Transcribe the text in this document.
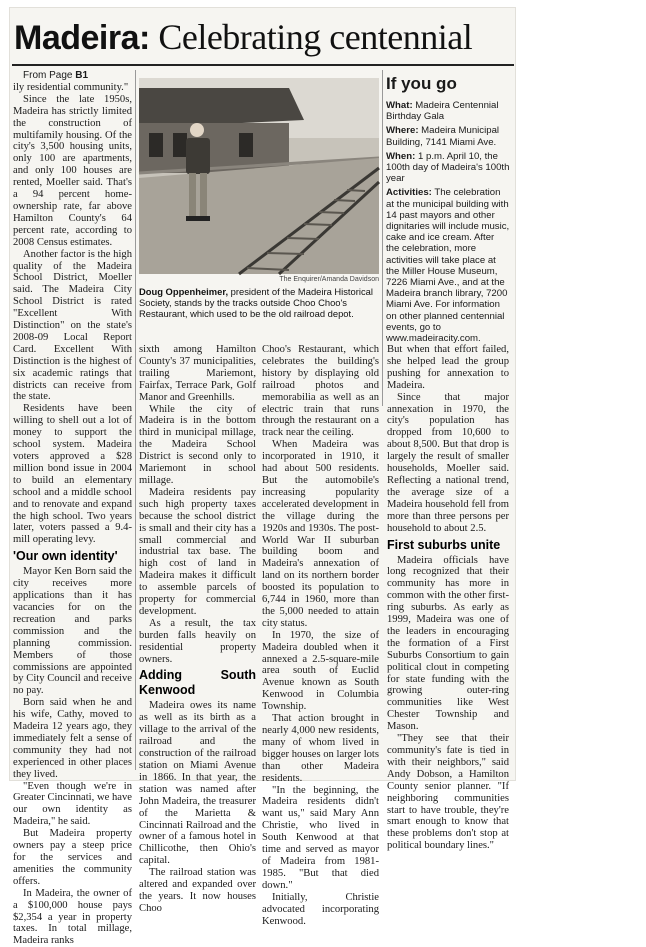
Madeira: Celebrating centennial

From Page B1

ily residential community."

Since the late 1950s, Madeira has strictly limited the construction of multifamily housing. Of the city's 3,500 housing units, only 100 are apartments, and only 100 houses are rented, Moeller said. That's a 94 percent home-ownership rate, far above Hamilton County's 64 percent rate, according to 2008 Census estimates.

Another factor is the high quality of the Madeira School District, Moeller said. The Madeira City School District is rated "Excellent With Distinction" on the state's 2008-09 Local Report Card. Excellent With Distinction is the highest of six academic ratings that districts can receive from the state.

Residents have been willing to shell out a lot of money to support the school system. Madeira voters approved a $28 million bond issue in 2004 to build an elementary school and a middle school and to renovate and expand the high school. Two years later, voters passed a 9.4-mill operating levy.

'Our own identity'

Mayor Ken Born said the city receives more applications than it has vacancies for on the recreation and parks commission and the planning commission. Members of those commissions are appointed by City Council and receive no pay.

Born said when he and his wife, Cathy, moved to Madeira 12 years ago, they immediately felt a sense of community they had not experienced in other places they lived.

"Even though we're in Greater Cincinnati, we have our own identity as Madeira," he said.

But Madeira property owners pay a steep price for the services and amenities the community offers.

In Madeira, the owner of a $100,000 house pays $2,354 a year in property taxes. In total millage, Madeira ranks

The Enquirer/Amanda Davidson
Doug Oppenheimer, president of the Madeira Historical Society, stands by the tracks outside Choo Choo's Restaurant, which used to be the old railroad depot.

sixth among Hamilton County's 37 municipalities, trailing Mariemont, Fairfax, Terrace Park, Golf Manor and Greenhills.

While the city of Madeira is in the bottom third in municipal millage, the Madeira School District is second only to Mariemont in school millage.

Madeira residents pay such high property taxes because the school district is small and their city has a small commercial and industrial tax base. The high cost of land in Madeira makes it difficult to assemble parcels of property for commercial development.

As a result, the tax burden falls heavily on residential property owners.

Adding South Kenwood

Madeira owes its name as well as its birth as a village to the arrival of the railroad and the construction of the railroad station on Miami Avenue in 1866. In that year, the station was named after John Madeira, the treasurer of the Marietta & Cincinnati Railroad and the owner of a famous hotel in Chillicothe, then Ohio's capital.

The railroad station was altered and expanded over the years. It now houses Choo

Choo's Restaurant, which celebrates the building's history by displaying old railroad photos and memorabilia as well as an electric train that runs through the restaurant on a track near the ceiling.

When Madeira was incorporated in 1910, it had about 500 residents. But the automobile's increasing popularity accelerated development in the village during the 1920s and 1930s. The post-World War II suburban building boom and Madeira's annexation of land on its northern border boosted its population to 6,744 in 1960, more than the 5,000 needed to attain city status.

In 1970, the size of Madeira doubled when it annexed a 2.5-square-mile area south of Euclid Avenue known as South Kenwood in Columbia Township.

That action brought in nearly 4,000 new residents, many of whom lived in bigger houses on larger lots than other Madeira residents.

"In the beginning, the Madeira residents didn't want us," said Mary Ann Christie, who lived in South Kenwood at that time and served as mayor of Madeira from 1981-1985. "But that died down."

Initially, Christie advocated incorporating Kenwood.

If you go

What: Madeira Centennial Birthday Gala

Where: Madeira Municipal Building, 7141 Miami Ave.

When: 1 p.m. April 10, the 100th day of Madeira's 100th year

Activities: The celebration at the municipal building with 14 past mayors and other dignitaries will include music, cake and ice cream. After the celebration, more activities will take place at the Miller House Museum, 7226 Miami Ave., and at the Madeira branch library, 7200 Miami Ave. For information on other planned centennial events, go to www.madeiracity.com.

But when that effort failed, she helped lead the group pushing for annexation to Madeira.

Since that major annexation in 1970, the city's population has dropped from 10,600 to about 8,500. But that drop is largely the result of smaller households, Moeller said. Reflecting a national trend, the average size of a Madeira household fell from more than three persons per household to about 2.5.

First suburbs unite

Madeira officials have long recognized that their community has more in common with the other first-ring suburbs. As early as 1999, Madeira was one of the leaders in encouraging the formation of a First Suburbs Consortium to gain political clout in competing for state funding with the growing outer-ring communities like West Chester Township and Mason.

"They see that their community's fate is tied in with their neighbors," said Andy Dobson, a Hamilton County senior planner. "If neighboring communities start to have trouble, they're smart enough to know that these problems don't stop at political boundary lines."
